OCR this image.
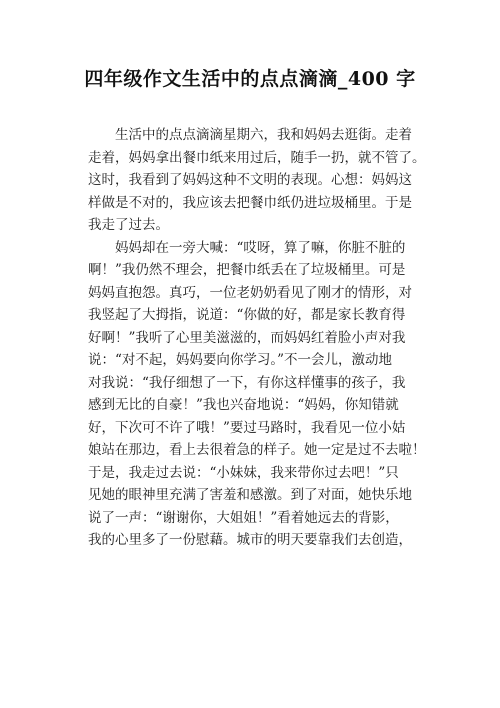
四年级作文生活中的点点滴滴_400 字
生活中的点点滴滴星期六，我和妈妈去逛街。走着
走着，妈妈拿出餐巾纸来用过后，随手一扔，就不管了。
这时，我看到了妈妈这种不文明的表现。心想：妈妈这
样做是不对的，我应该去把餐巾纸仍进垃圾桶里。于是
我走了过去。
妈妈却在一旁大喊：“哎呀，算了嘛，你脏不脏的
啊！”我仍然不理会，把餐巾纸丢在了垃圾桶里。可是
妈妈直抱怨。真巧，一位老奶奶看见了刚才的情形，对
我竖起了大拇指，说道：“你做的好，都是家长教育得
好啊！”我听了心里美滋滋的，而妈妈红着脸小声对我
说：“对不起，妈妈要向你学习。”不一会儿，激动地
对我说：“我仔细想了一下，有你这样懂事的孩子，我
感到无比的自豪！”我也兴奋地说：“妈妈，你知错就
好，下次可不许了哦！”要过马路时，我看见一位小姑
娘站在那边，看上去很着急的样子。她一定是过不去啦！
于是，我走过去说：“小妹妹，我来带你过去吧！”只
见她的眼神里充满了害羞和感激。到了对面，她快乐地
说了一声：“谢谢你，大姐姐！”看着她远去的背影，
我的心里多了一份慰藉。城市的明天要靠我们去创造，
